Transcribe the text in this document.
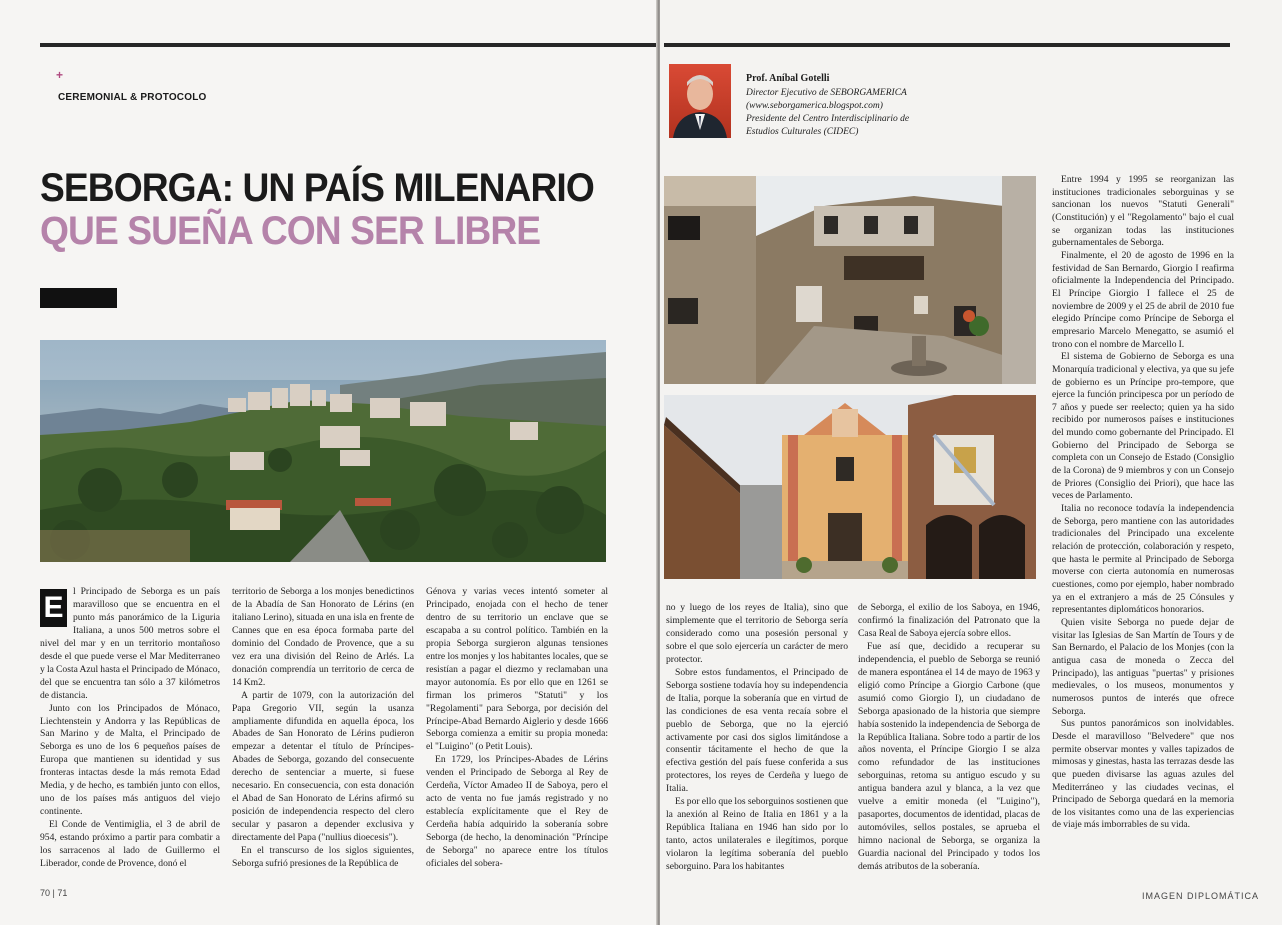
+
CEREMONIAL & PROTOCOLO
SEBORGA: UN PAÍS MILENARIO
QUE SUEÑA CON SER LIBRE

E l Principado de Seborga es un país maravilloso que se encuentra en el punto más panorámico de la Liguria Italiana, a unos 500 metros sobre el nivel del mar y en un territorio montañoso desde el que puede verse el Mar Mediterraneo y la Costa Azul hasta el Principado de Mónaco, del que se encuentra tan sólo a 37 kilómetros de distancia.

Junto con los Principados de Mónaco, Liechtenstein y Andorra y las Repúblicas de San Marino y de Malta, el Principado de Seborga es uno de los 6 pequeños países de Europa que mantienen su identidad y sus fronteras intactas desde la más remota Edad Media, y de hecho, es también junto con ellos, uno de los países más antiguos del viejo continente.

El Conde de Ventimiglia, el 3 de abril de 954, estando próximo a partir para combatir a los sarracenos al lado de Guillermo el Liberador, conde de Provence, donó el

territorio de Seborga a los monjes benedictinos de la Abadía de San Honorato de Lérins (en italiano Lerino), situada en una isla en frente de Cannes que en esa época formaba parte del dominio del Condado de Provence, que a su vez era una división del Reino de Arlés. La donación comprendía un territorio de cerca de 14 Km2.

A partir de 1079, con la autorización del Papa Gregorio VII, según la usanza ampliamente difundida en aquella época, los Abades de San Honorato de Lérins pudieron empezar a detentar el título de Príncipes-Abades de Seborga, gozando del consecuente derecho de sentenciar a muerte, si fuese necesario. En consecuencia, con esta donación el Abad de San Honorato de Lérins afirmó su posición de independencia respecto del clero secular y pasaron a depender exclusiva y directamente del Papa ("nullius dioecesis").

En el transcurso de los siglos siguientes, Seborga sufrió presiones de la República de

Génova y varias veces intentó someter al Principado, enojada con el hecho de tener dentro de su territorio un enclave que se escapaba a su control político. También en la propia Seborga surgieron algunas tensiones entre los monjes y los habitantes locales, que se resistían a pagar el diezmo y reclamaban una mayor autonomía. Es por ello que en 1261 se firman los primeros "Statuti" y los "Regolamenti" para Seborga, por decisión del Príncipe-Abad Bernardo Aiglerio y desde 1666 Seborga comienza a emitir su propia moneda: el "Luigino" (o Petit Louis).

En 1729, los Príncipes-Abades de Lérins venden el Principado de Seborga al Rey de Cerdeña, Víctor Amadeo II de Saboya, pero el acto de venta no fue jamás registrado y no establecía explícitamente que el Rey de Cerdeña había adquirido la soberanía sobre Seborga (de hecho, la denominación "Príncipe de Seborga" no aparece entre los títulos oficiales del sobera-

70 | 71
Prof. Aníbal Gotelli
Director Ejecutivo de SEBORGAMERICA
(www.seborgamerica.blogspot.com)
Presidente del Centro Interdisciplinario de
Estudios Culturales (CIDEC)

no y luego de los reyes de Italia), sino que simplemente que el territorio de Seborga sería considerado como una posesión personal y sobre el que solo ejercería un carácter de mero protector.

Sobre estos fundamentos, el Principado de Seborga sostiene todavía hoy su independencia de Italia, porque la soberanía que en virtud de las condiciones de esa venta recaía sobre el pueblo de Seborga, que no la ejerció activamente por casi dos siglos limitándose a consentir tácitamente el hecho de que la efectiva gestión del país fuese conferida a sus protectores, los reyes de Cerdeña y luego de Italia.

Es por ello que los seborguinos sostienen que la anexión al Reino de Italia en 1861 y a la República Italiana en 1946 han sido por lo tanto, actos unilaterales e ilegítimos, porque violaron la legítima soberanía del pueblo seborguino. Para los habitantes

de Seborga, el exilio de los Saboya, en 1946, confirmó la finalización del Patronato que la Casa Real de Saboya ejercía sobre ellos.

Fue así que, decidido a recuperar su independencia, el pueblo de Seborga se reunió de manera espontánea el 14 de mayo de 1963 y eligió como Príncipe a Giorgio Carbone (que asumió como Giorgio I), un ciudadano de Seborga apasionado de la historia que siempre había sostenido la independencia de Seborga de la República Italiana. Sobre todo a partir de los años noventa, el Príncipe Giorgio I se alza como refundador de las instituciones seborguinas, retoma su antiguo escudo y su antigua bandera azul y blanca, a la vez que vuelve a emitir moneda (el "Luigino"), pasaportes, documentos de identidad, placas de automóviles, sellos postales, se aprueba el himno nacional de Seborga, se organiza la Guardia nacional del Principado y todos los demás atributos de la soberanía.

Entre 1994 y 1995 se reorganizan las instituciones tradicionales seborguinas y se sancionan los nuevos "Statuti Generali" (Constitución) y el "Regolamento" bajo el cual se organizan todas las instituciones gubernamentales de Seborga.

Finalmente, el 20 de agosto de 1996 en la festividad de San Bernardo, Giorgio I reafirma oficialmente la Independencia del Principado. El Príncipe Giorgio I fallece el 25 de noviembre de 2009 y el 25 de abril de 2010 fue elegido Príncipe como Príncipe de Seborga el empresario Marcelo Menegatto, se asumió el trono con el nombre de Marcello I.

El sistema de Gobierno de Seborga es una Monarquía tradicional y electiva, ya que su jefe de gobierno es un Príncipe pro-tempore, que ejerce la función principesca por un período de 7 años y puede ser reelecto; quien ya ha sido recibido por numerosos países e instituciones del mundo como gobernante del Principado. El Gobierno del Principado de Seborga se completa con un Consejo de Estado (Consiglio de la Corona) de 9 miembros y con un Consejo de Priores (Consiglio dei Priori), que hace las veces de Parlamento.

Italia no reconoce todavía la independencia de Seborga, pero mantiene con las autoridades tradicionales del Principado una excelente relación de protección, colaboración y respeto, que hasta le permite al Principado de Seborga moverse con cierta autonomía en numerosas cuestiones, como por ejemplo, haber nombrado ya en el extranjero a más de 25 Cónsules y representantes diplomáticos honorarios.

Quien visite Seborga no puede dejar de visitar las Iglesias de San Martín de Tours y de San Bernardo, el Palacio de los Monjes (con la antigua casa de moneda o Zecca del Principado), las antiguas "puertas" y prisiones medievales, o los museos, monumentos y numerosos puntos de interés que ofrece Seborga.

Sus puntos panorámicos son inolvidables. Desde el maravilloso "Belvedere" que nos permite observar montes y valles tapizados de mimosas y ginestas, hasta las terrazas desde las que pueden divisarse las aguas azules del Mediterráneo y las ciudades vecinas, el Principado de Seborga quedará en la memoria de los visitantes como una de las experiencias de viaje más imborrables de su vida.

IMAGEN DIPLOMÁTICA
